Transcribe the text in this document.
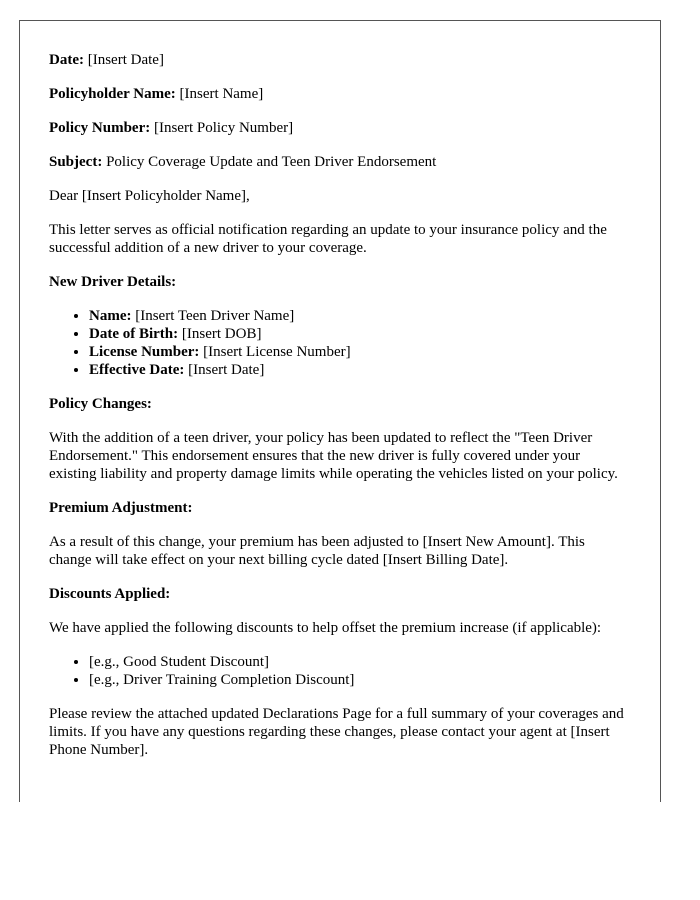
Date: [Insert Date]

Policyholder Name: [Insert Name]

Policy Number: [Insert Policy Number]

Subject: Policy Coverage Update and Teen Driver Endorsement

Dear [Insert Policyholder Name],

This letter serves as official notification regarding an update to your insurance policy and the successful addition of a new driver to your coverage.

New Driver Details:

• Name: [Insert Teen Driver Name]
• Date of Birth: [Insert DOB]
• License Number: [Insert License Number]
• Effective Date: [Insert Date]

Policy Changes:

With the addition of a teen driver, your policy has been updated to reflect the "Teen Driver Endorsement." This endorsement ensures that the new driver is fully covered under your existing liability and property damage limits while operating the vehicles listed on your policy.

Premium Adjustment:

As a result of this change, your premium has been adjusted to [Insert New Amount]. This change will take effect on your next billing cycle dated [Insert Billing Date].

Discounts Applied:

We have applied the following discounts to help offset the premium increase (if applicable):

• [e.g., Good Student Discount]
• [e.g., Driver Training Completion Discount]

Please review the attached updated Declarations Page for a full summary of your coverages and limits. If you have any questions regarding these changes, please contact your agent at [Insert Phone Number].
